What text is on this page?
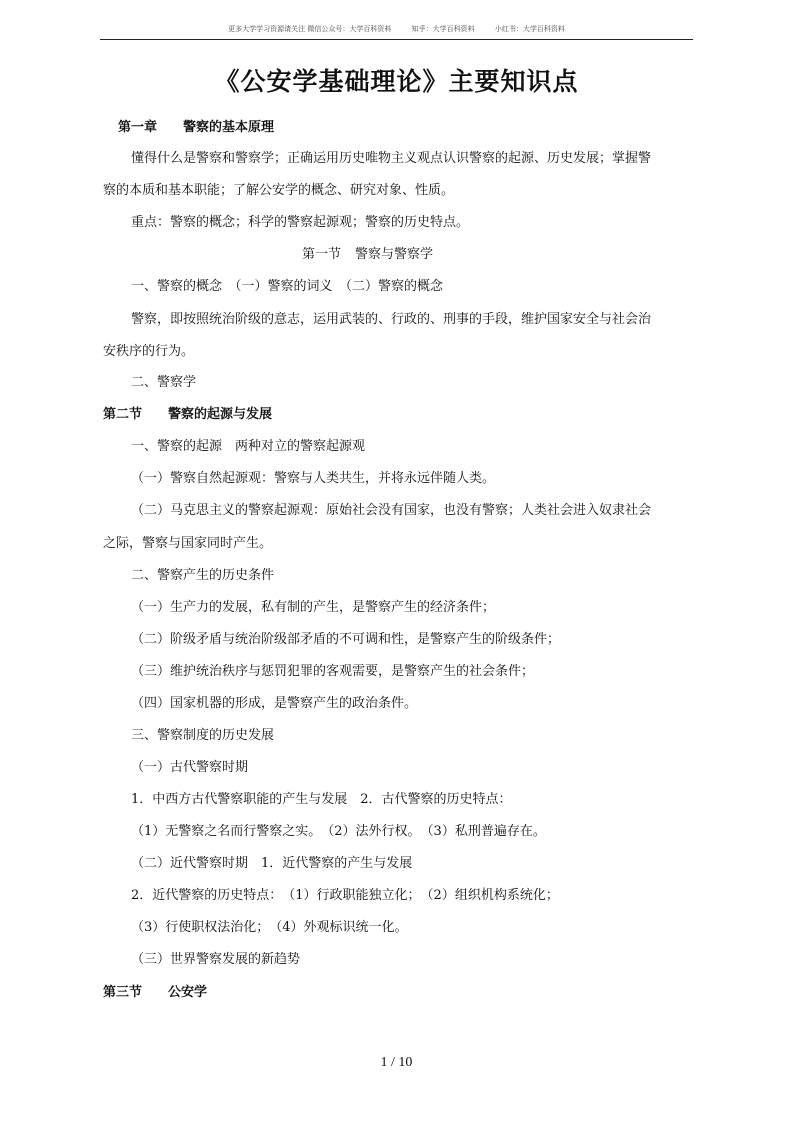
更多大学学习资源请关注 微信公众号：大学百科资料	知乎：大学百科资料	小红书：大学百科资料
《公安学基础理论》主要知识点
第一章 警察的基本原理
懂得什么是警察和警察学；正确运用历史唯物主义观点认识警察的起源、历史发展；掌握警
察的本质和基本职能；了解公安学的概念、研究对象、性质。
重点：警察的概念；科学的警察起源观；警察的历史特点。
第一节 警察与警察学
一、警察的概念　（一）警察的词义　（二）警察的概念
警察，即按照统治阶级的意志，运用武装的、行政的、刑事的手段，维护国家安全与社会治
安秩序的行为。
二、警察学
第二节 警察的起源与发展
一、警察的起源　两种对立的警察起源观
（一）警察自然起源观：警察与人类共生，并将永远伴随人类。
（二）马克思主义的警察起源观：原始社会没有国家，也没有警察；人类社会进入奴隶社会
之际，警察与国家同时产生。
二、警察产生的历史条件
（一）生产力的发展，私有制的产生，是警察产生的经济条件；
（二）阶级矛盾与统治阶级部矛盾的不可调和性，是警察产生的阶级条件；
（三）维护统治秩序与惩罚犯罪的客观需要，是警察产生的社会条件；
（四）国家机器的形成，是警察产生的政治条件。
三、警察制度的历史发展
（一）古代警察时期
1．中西方古代警察职能的产生与发展　2．古代警察的历史特点：
（1）无警察之名而行警察之实。　（2）法外行权。　（3）私刑普遍存在。
（二）近代警察时期　1．近代警察的产生与发展
2．近代警察的历史特点：　（1）行政职能独立化；　（2）组织机构系统化；
（3）行使职权法治化；　（4）外观标识统一化。
（三）世界警察发展的新趋势
第三节 公安学
1 / 10
